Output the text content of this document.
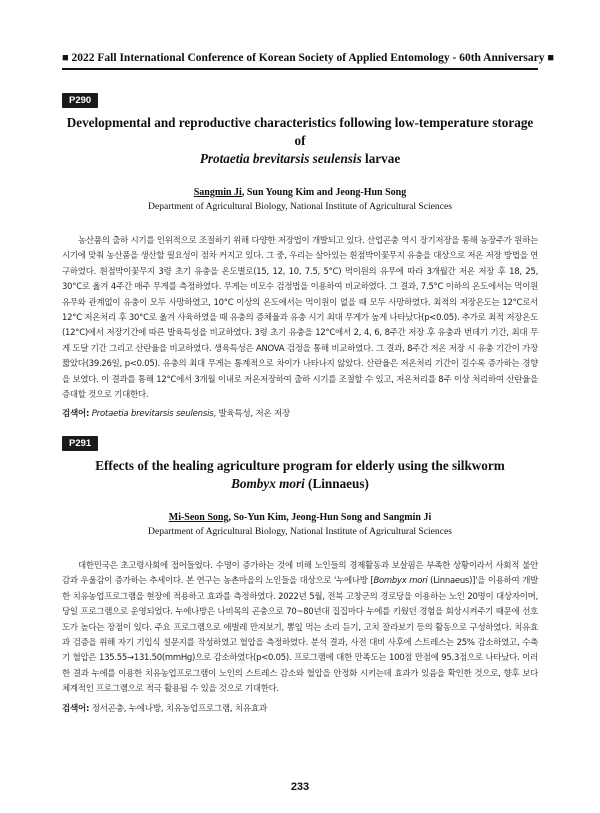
■ 2022 Fall International Conference of Korean Society of Applied Entomology - 60th Anniversary ■
P290
Developmental and reproductive characteristics following low-temperature storage of
Protaetia brevitarsis seulensis larvae
Sangmin Ji, Sun Young Kim and Jeong-Hun Song
Department of Agricultural Biology, National Institute of Agricultural Sciences
농산품의 출하 시기를 인위적으로 조절하기 위해 다양한 저장법이 개발되고 있다. 산업곤충 역시 장기저장을 통해 농장주가 원하는 시기에 맞춰 농산품을 생산할 필요성이 점차 커지고 있다. 그 중, 우리는 살아있는 흰점박이꽃무지 유충을 대상으로 저온 저장 방법을 연구하였다. 흰점박이꽃무지 3령 초기 유충을 온도별로(15, 12, 10, 7.5, 5°C) 먹이원의 유무에 따라 3개월간 저온 저장 후 18, 25, 30°C로 옮겨 4주간 매주 무게를 측정하였다. 무게는 비모수 검정법을 이용하여 비교하였다. 그 결과, 7.5°C 이하의 온도에서는 먹이원 유무와 관계없이 유충이 모두 사망하였고, 10°C 이상의 온도에서는 먹이원이 없을 때 모두 사망하였다. 최적의 저장온도는 12°C로서 12°C 저온처리 후 30°C로 옮겨 사육하였을 때 유충의 증체율과 유충 시기 최대 무게가 높게 나타났다(p<0.05). 추가로 최적 저장온도(12°C)에서 저장기간에 따른 발육특성을 비교하였다. 3령 초기 유충을 12°C에서 2, 4, 6, 8주간 저장 후 유충과 번데기 기간, 최대 무게 도달 기간 그리고 산란율을 비교하였다. 생육특성은 ANOVA 검정을 통해 비교하였다. 그 결과, 8주간 저온 저장 시 유충 기간이 가장 짧았다(39.26일, p<0.05). 유충의 최대 무게는 통계적으로 차이가 나타나지 않았다. 산란율은 저온처리 기간이 길수록 증가하는 경향을 보였다. 이 결과를 통해 12°C에서 3개월 이내로 저온저장하여 출하 시기를 조절할 수 있고, 저온처리를 8주 이상 처리하여 산란율을 증대할 것으로 기대한다.
검색어: Protaetia brevitarsis seulensis, 발육특성, 저온 저장
P291
Effects of the healing agriculture program for elderly using the silkworm
Bombyx mori (Linnaeus)
Mi-Seon Song, So-Yun Kim, Jeong-Hun Song and Sangmin Ji
Department of Agricultural Biology, National Institute of Agricultural Sciences
대한민국은 초고령사회에 접어들었다. 수명이 증가하는 것에 비해 노인들의 경제활동과 보살핌은 부족한 상황이라서 사회적 불안감과 우울감이 증가하는 추세이다. 본 연구는 농촌마을의 노인들을 대상으로 '누에나방 [Bombyx mori (Linnaeus)]'을 이용하여 개발한 치유농업프로그램을 현장에 적용하고 효과를 측정하였다. 2022년 5월, 전북 고창군의 경로당을 이용하는 노인 20명이 대상자이며, 당일 프로그램으로 운영되었다. 누에나방은 나비목의 곤충으로 70~80년대 집집마다 누에를 키웠던 경험을 회상시켜주기 때문에 선호도가 높다는 장점이 있다. 주요 프로그램으로 애벌레 만져보기, 뽕잎 먹는 소리 듣기, 고치 잘라보기 등의 활동으로 구성하였다. 치유효과 검증을 위해 자기 기입식 설문지를 작성하였고 혈압을 측정하였다. 분석 결과, 사전 대비 사후에 스트레스는 25% 감소하였고, 수축기 혈압은 135.55→131.50(mmHg)으로 감소하였다(p<0.05). 프로그램에 대한 만족도는 100점 만점에 95.3점으로 나타났다. 이러한 결과 누에를 이용한 치유농업프로그램이 노인의 스트레스 감소와 혈압을 안정화 시키는데 효과가 있음을 확인한 것으로, 향후 보다 체계적인 프로그램으로 적극 활용될 수 있을 것으로 기대한다.
검색어: 정서곤충, 누에나방, 치유농업프로그램, 치유효과
233
